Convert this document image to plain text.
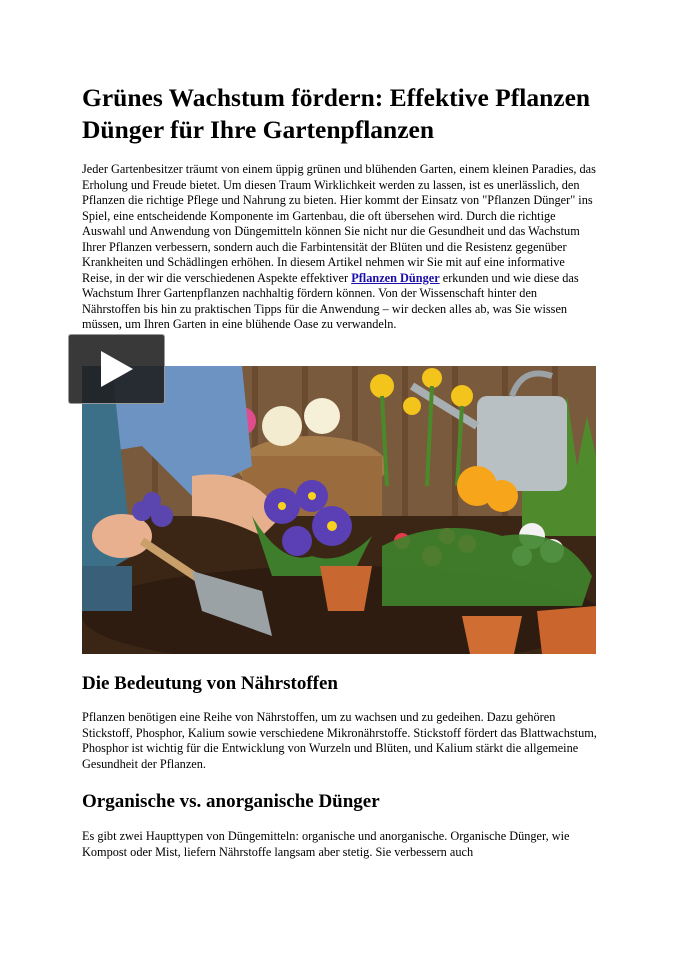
Grünes Wachstum fördern: Effektive Pflanzen Dünger für Ihre Gartenpflanzen

Jeder Gartenbesitzer träumt von einem üppig grünen und blühenden Garten, einem kleinen Paradies, das Erholung und Freude bietet. Um diesen Traum Wirklichkeit werden zu lassen, ist es unerlässlich, den Pflanzen die richtige Pflege und Nahrung zu bieten. Hier kommt der Einsatz von "Pflanzen Dünger" ins Spiel, eine entscheidende Komponente im Gartenbau, die oft übersehen wird. Durch die richtige Auswahl und Anwendung von Düngemitteln können Sie nicht nur die Gesundheit und das Wachstum Ihrer Pflanzen verbessern, sondern auch die Farbintensität der Blüten und die Resistenz gegenüber Krankheiten und Schädlingen erhöhen. In diesem Artikel nehmen wir Sie mit auf eine informative Reise, in der wir die verschiedenen Aspekte effektiver Pflanzen Dünger erkunden und wie diese das Wachstum Ihrer Gartenpflanzen nachhaltig fördern können. Von der Wissenschaft hinter den Nährstoffen bis hin zu praktischen Tipps für die Anwendung – wir decken alles ab, was Sie wissen müssen, um Ihren Garten in eine blühende Oase zu verwandeln.

Die Bedeutung von Nährstoffen

Pflanzen benötigen eine Reihe von Nährstoffen, um zu wachsen und zu gedeihen. Dazu gehören Stickstoff, Phosphor, Kalium sowie verschiedene Mikronährstoffe. Stickstoff fördert das Blattwachstum, Phosphor ist wichtig für die Entwicklung von Wurzeln und Blüten, und Kalium stärkt die allgemeine Gesundheit der Pflanzen.

Organische vs. anorganische Dünger

Es gibt zwei Haupttypen von Düngemitteln: organische und anorganische. Organische Dünger, wie Kompost oder Mist, liefern Nährstoffe langsam aber stetig. Sie verbessern auch
